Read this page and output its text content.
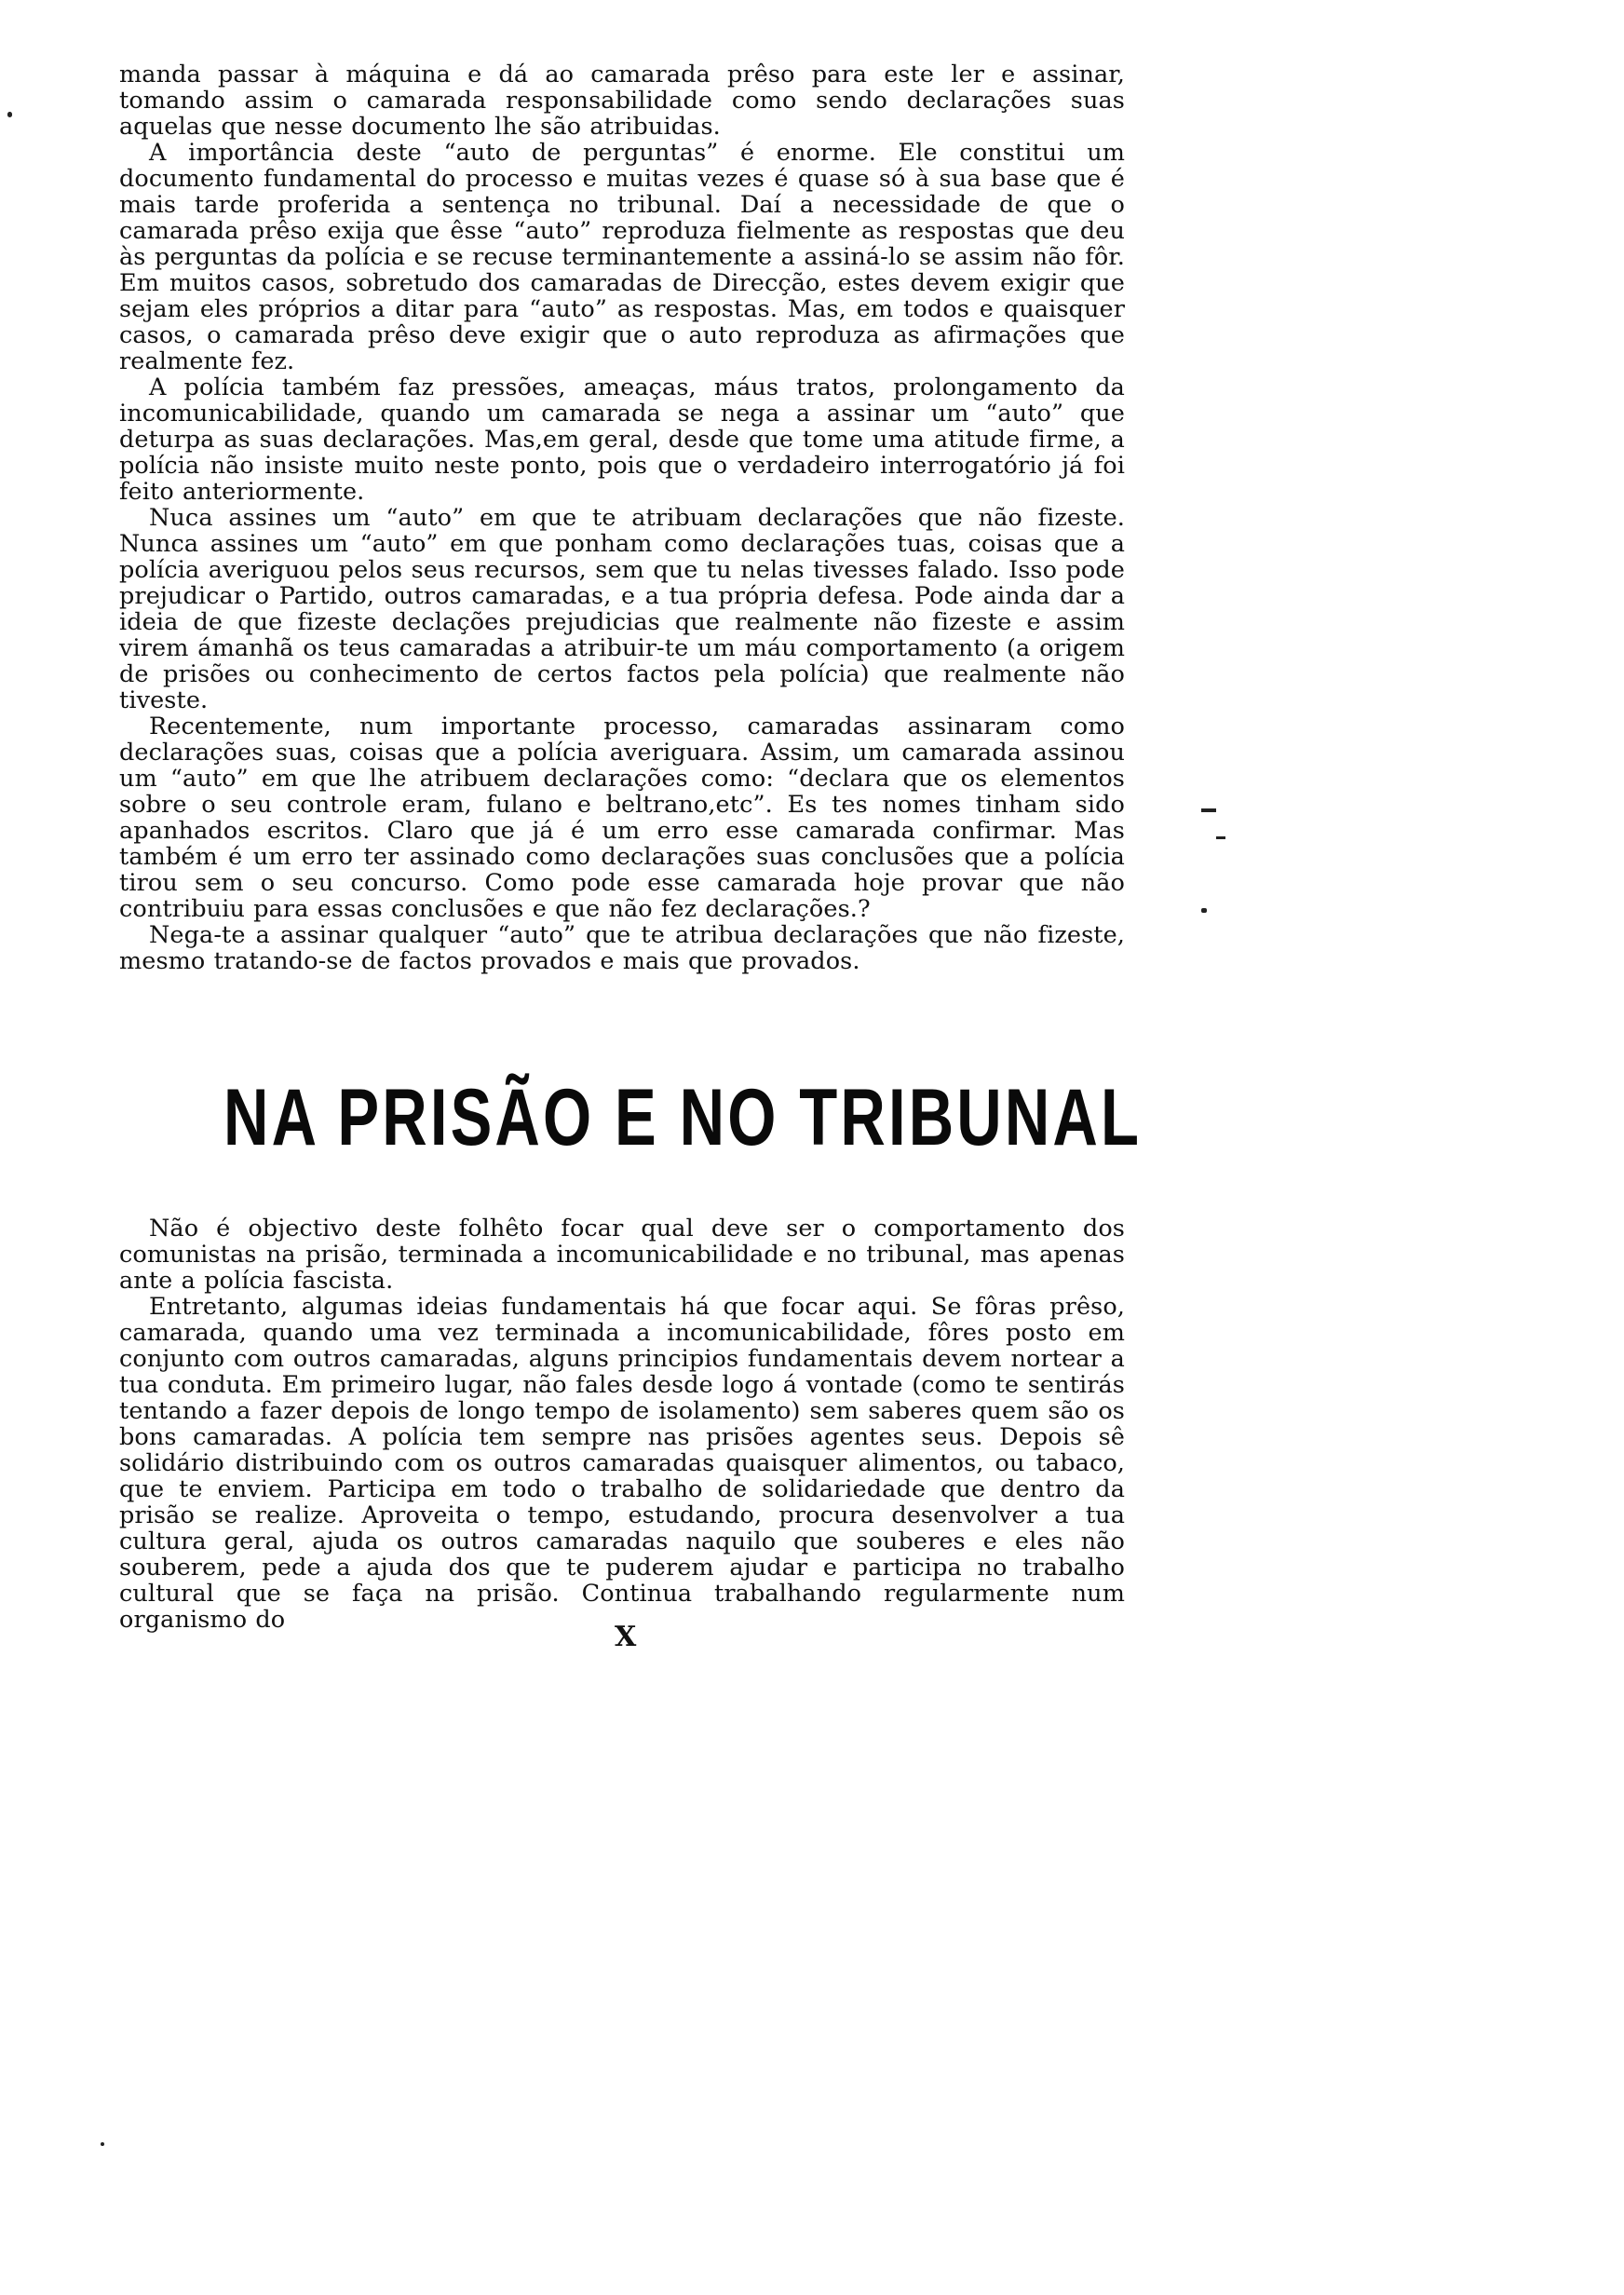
manda passar à máquina e dá ao camarada prêso para este ler e assinar, tomando assim o camarada responsabilidade como sendo declarações suas aquelas que nesse documento lhe são atribuidas.

A importância deste “auto de perguntas” é enorme. Ele constitui um documento fundamental do processo e muitas vezes é quase só à sua base que é mais tarde proferida a sentença no tribunal. Daí a necessidade de que o camarada prêso exija que êsse “auto” reproduza fielmente as respostas que deu às perguntas da polícia e se recuse terminantemente a assiná-lo se assim não fôr. Em muitos casos, sobretudo dos camaradas de Direcção, estes devem exigir que sejam eles próprios a ditar para “auto” as respostas. Mas, em todos e quaisquer casos, o camarada prêso deve exigir que o auto reproduza as afirmações que realmente fez.

A polícia também faz pressões, ameaças, máus tratos, prolongamento da incomunicabilidade, quando um camarada se nega a assinar um “auto” que deturpa as suas declarações. Mas,em geral, desde que tome uma atitude firme, a polícia não insiste muito neste ponto, pois que o verdadeiro interrogatório já foi feito anteriormente.

Nuca assines um “auto” em que te atribuam declarações que não fizeste. Nunca assines um “auto” em que ponham como declarações tuas, coisas que a polícia averiguou pelos seus recursos, sem que tu nelas tivesses falado. Isso pode prejudicar o Partido, outros camaradas, e a tua própria defesa. Pode ainda dar a ideia de que fizeste declações prejudicias que realmente não fizeste e assim virem ámanhã os teus camaradas a atribuir-te um máu comportamento (a origem de prisões ou conhecimento de certos factos pela polícia) que realmente não tiveste.

Recentemente, num importante processo, camaradas assinaram como declarações suas, coisas que a polícia averiguara. Assim, um camarada assinou um “auto” em que lhe atribuem declarações como: “declara que os elementos sobre o seu controle eram, fulano e beltrano,etc”. Es tes nomes tinham sido apanhados escritos. Claro que já é um erro esse camarada confirmar. Mas também é um erro ter assinado como declarações suas conclusões que a polícia tirou sem o seu concurso. Como pode esse camarada hoje provar que não contribuiu para essas conclusões e que não fez declarações.?

Nega-te a assinar qualquer “auto” que te atribua declarações que não fizeste, mesmo tratando-se de factos provados e mais que provados.

NA PRISÃO E NO TRIBUNAL

Não é objectivo deste folhêto focar qual deve ser o comportamento dos comunistas na prisão, terminada a incomunicabilidade e no tribunal, mas apenas ante a polícia fascista.

Entretanto, algumas ideias fundamentais há que focar aqui. Se fôras prêso, camarada, quando uma vez terminada a incomunicabilidade, fôres posto em conjunto com outros camaradas, alguns principios fundamentais devem nortear a tua conduta. Em primeiro lugar, não fales desde logo á vontade (como te sentirás tentando a fazer depois de longo tempo de isolamento) sem saberes quem são os bons camaradas. A polícia tem sempre nas prisões agentes seus. Depois sê solidário distribuindo com os outros camaradas quaisquer alimentos, ou tabaco, que te enviem. Participa em todo o trabalho de solidariedade que dentro da prisão se realize. Aproveita o tempo, estudando, procura desenvolver a tua cultura geral, ajuda os outros camaradas naquilo que souberes e eles não souberem, pede a ajuda dos que te puderem ajudar e participa no trabalho cultural que se faça na prisão. Continua trabalhando regularmente num organismo do

X
